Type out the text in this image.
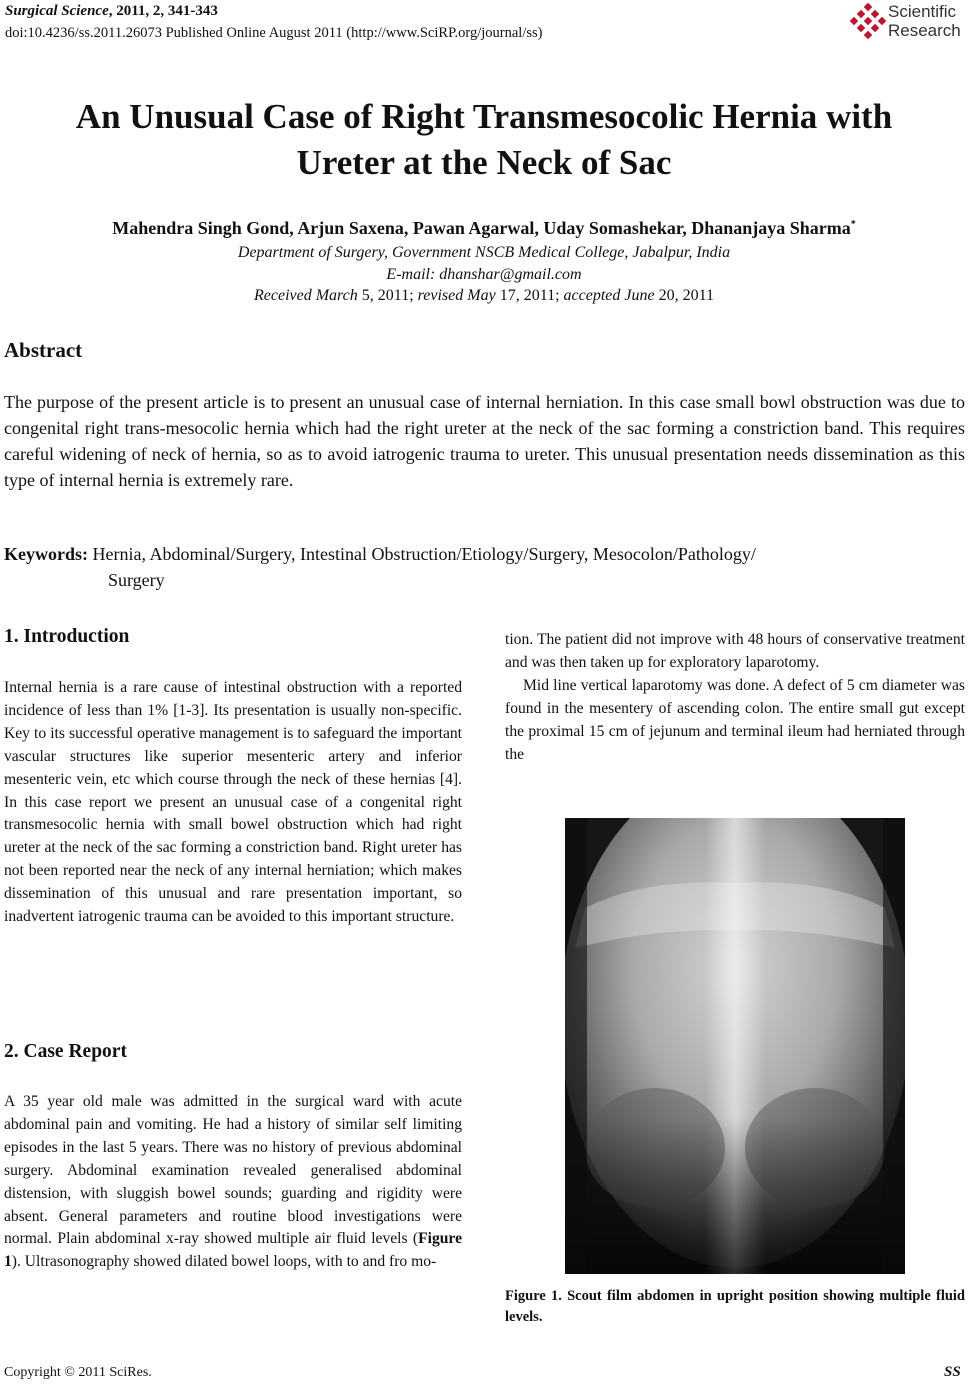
Surgical Science, 2011, 2, 341-343
doi:10.4236/ss.2011.26073 Published Online August 2011 (http://www.SciRP.org/journal/ss)
Scientific
Research
An Unusual Case of Right Transmesocolic Hernia with
Ureter at the Neck of Sac
Mahendra Singh Gond, Arjun Saxena, Pawan Agarwal, Uday Somashekar, Dhananjaya Sharma*
Department of Surgery, Government NSCB Medical College, Jabalpur, India
E-mail: dhanshar@gmail.com
Received March 5, 2011; revised May 17, 2011; accepted June 20, 2011
Abstract
The purpose of the present article is to present an unusual case of internal herniation. In this case small bowl obstruction was due to congenital right trans-mesocolic hernia which had the right ureter at the neck of the sac forming a constriction band. This requires careful widening of neck of hernia, so as to avoid iatrogenic trauma to ureter. This unusual presentation needs dissemination as this type of internal hernia is extremely rare.
Keywords: Hernia, Abdominal/Surgery, Intestinal Obstruction/Etiology/Surgery, Mesocolon/Pathology/
Surgery
1. Introduction

Internal hernia is a rare cause of intestinal obstruction with a reported incidence of less than 1% [1-3]. Its presentation is usually non-specific. Key to its successful operative management is to safeguard the important vascular structures like superior mesenteric artery and inferior mesenteric vein, etc which course through the neck of these hernias [4]. In this case report we present an unusual case of a congenital right transmesocolic hernia with small bowel obstruction which had right ureter at the neck of the sac forming a constriction band. Right ureter has not been reported near the neck of any internal herniation; which makes dissemination of this unusual and rare presentation important, so inadvertent iatrogenic trauma can be avoided to this important structure.

2. Case Report

A 35 year old male was admitted in the surgical ward with acute abdominal pain and vomiting. He had a history of similar self limiting episodes in the last 5 years. There was no history of previous abdominal surgery. Abdominal examination revealed generalised abdominal distension, with sluggish bowel sounds; guarding and rigidity were absent. General parameters and routine blood investigations were normal. Plain abdominal x-ray showed multiple air fluid levels (Figure 1). Ultrasonography showed dilated bowel loops, with to and fro mo-

tion. The patient did not improve with 48 hours of conservative treatment and was then taken up for exploratory laparotomy.

Mid line vertical laparotomy was done. A defect of 5 cm diameter was found in the mesentery of ascending colon. The entire small gut except the proximal 15 cm of jejunum and terminal ileum had herniated through the

Figure 1. Scout film abdomen in upright position showing multiple fluid levels.
Copyright © 2011 SciRes.	SS
